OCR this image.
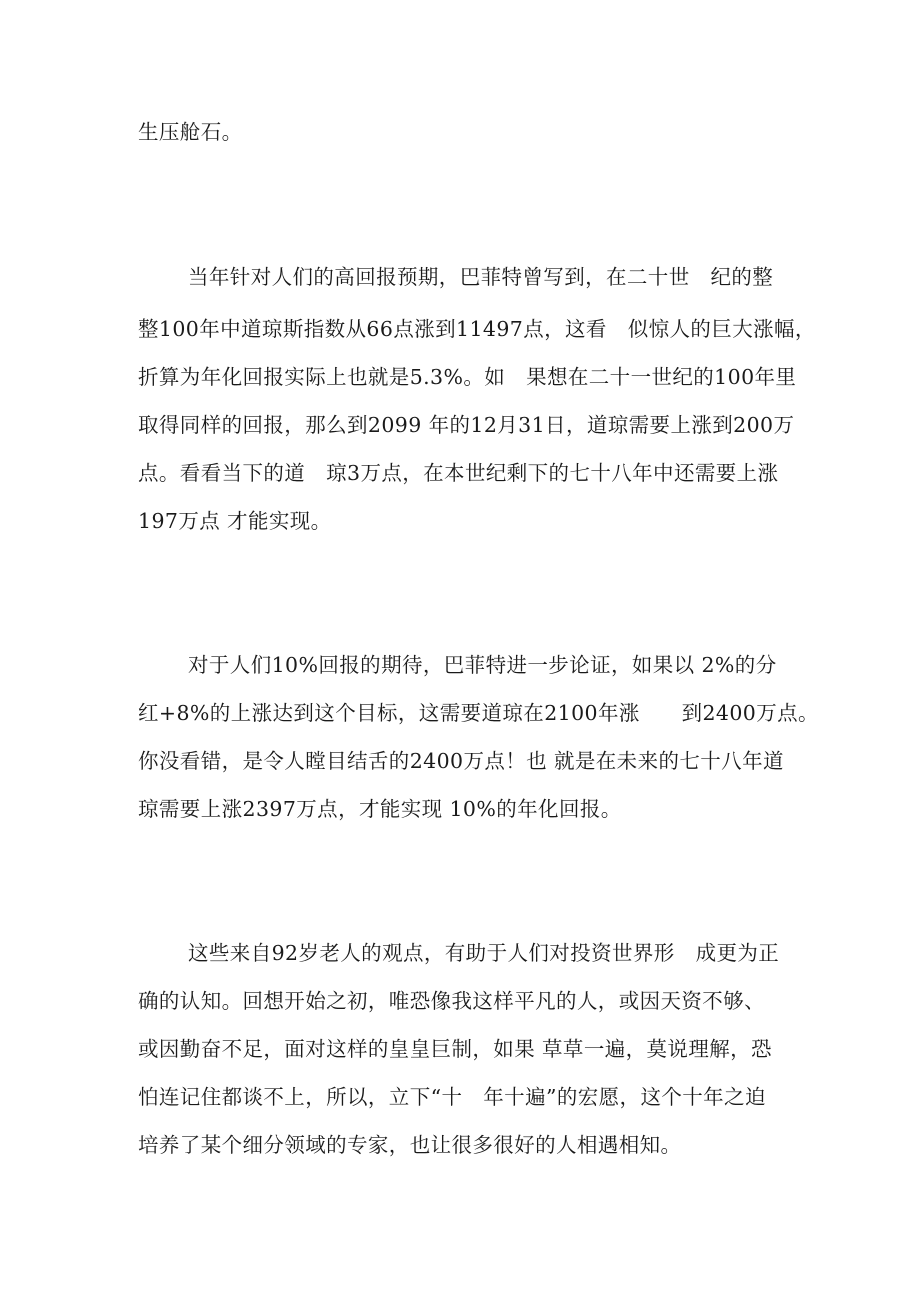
生压舱石。
当年针对人们的高回报预期，巴菲特曾写到，在二十世　纪的整
整100年中道琼斯指数从66点涨到11497点，这看　似惊人的巨大涨幅，
折算为年化回报实际上也就是5.3%。如　果想在二十一世纪的100年里
取得同样的回报，那么到2099 年的12月31日，道琼需要上涨到200万
点。看看当下的道　琼3万点，在本世纪剩下的七十八年中还需要上涨
197万点 才能实现。
对于人们10%回报的期待，巴菲特进一步论证，如果以 2%的分
红+8%的上涨达到这个目标，这需要道琼在2100年涨　　到2400万点。
你没看错，是令人瞠目结舌的2400万点！也 就是在未来的七十八年道
琼需要上涨2397万点，才能实现 10%的年化回报。
这些来自92岁老人的观点，有助于人们对投资世界形　成更为正
确的认知。回想开始之初，唯恐像我这样平凡的人，或因天资不够、
或因勤奋不足，面对这样的皇皇巨制，如果 草草一遍，莫说理解，恐
怕连记住都谈不上，所以，立下“十　年十遍”的宏愿，这个十年之迫
培养了某个细分领域的专家，也让很多很好的人相遇相知。
